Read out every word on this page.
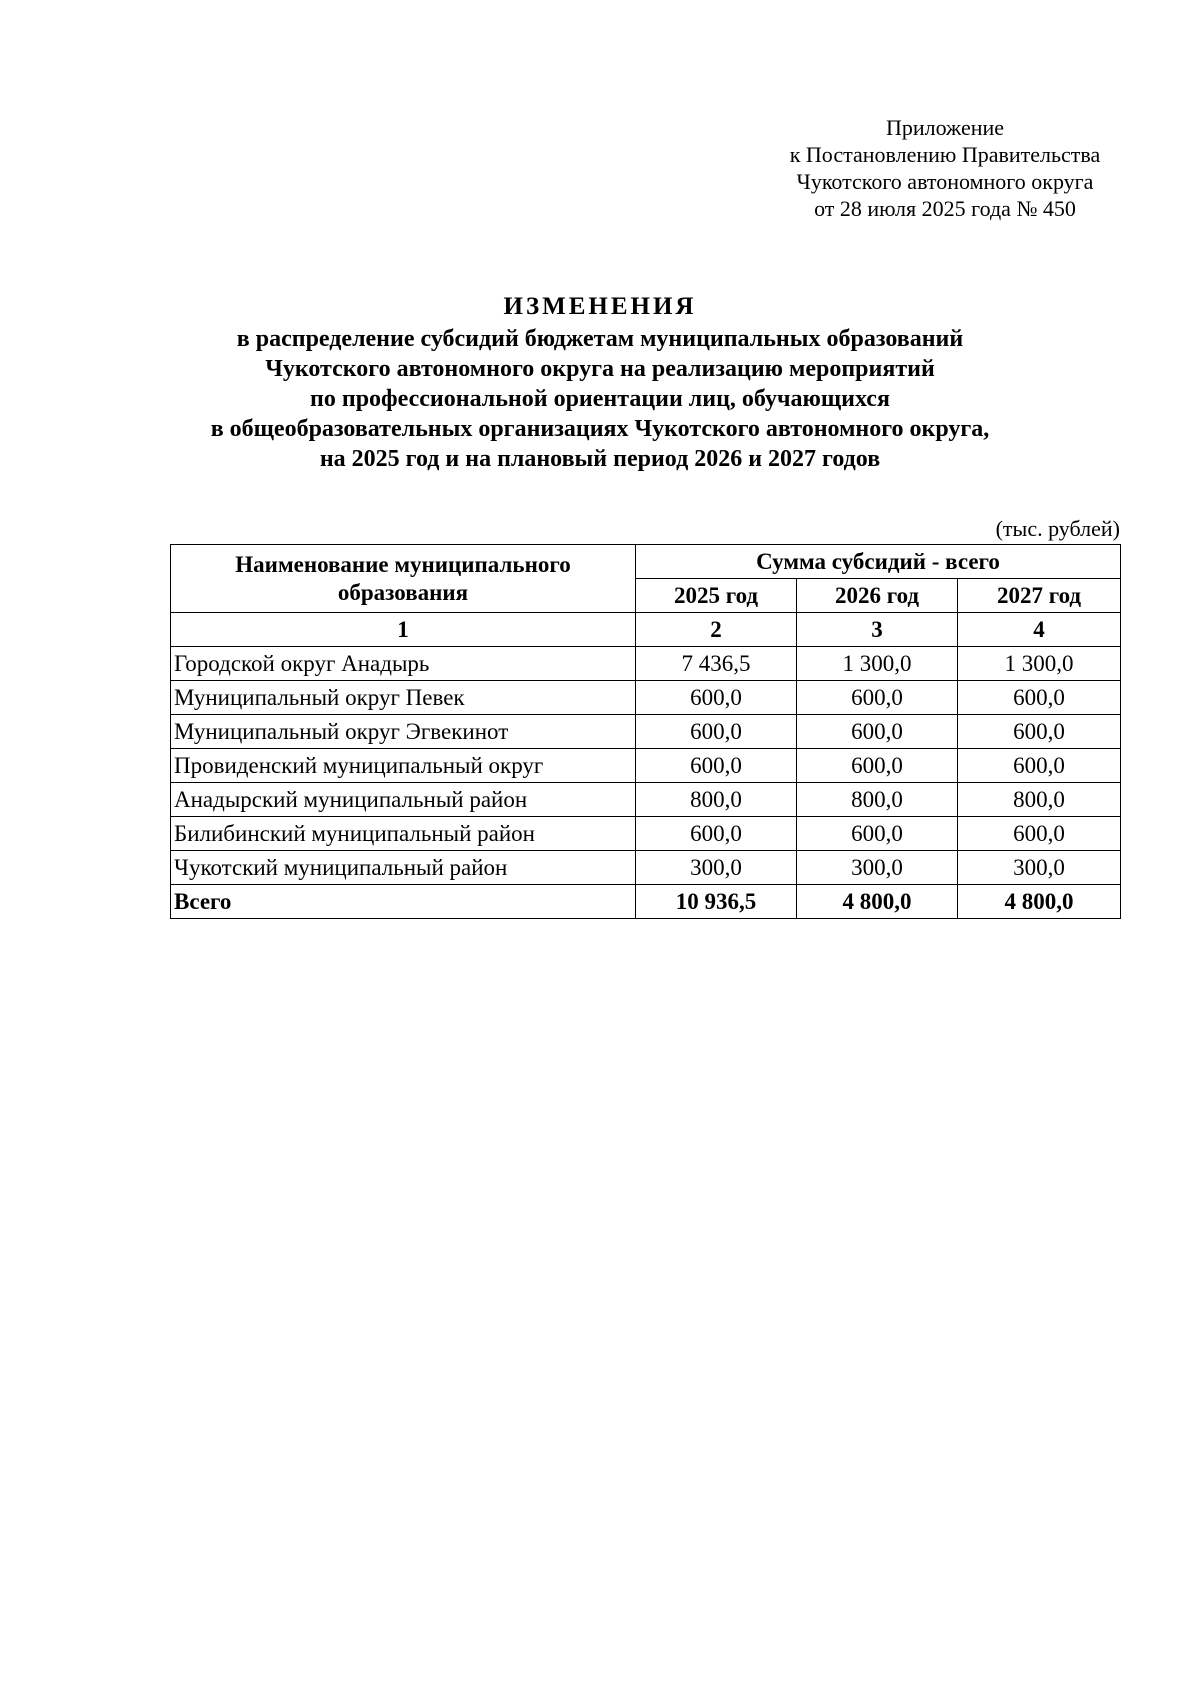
Приложение
к Постановлению Правительства
Чукотского автономного округа
от 28 июля 2025 года № 450
ИЗМЕНЕНИЯ
в распределение субсидий бюджетам муниципальных образований
Чукотского автономного округа на реализацию мероприятий
по профессиональной ориентации лиц, обучающихся
в общеобразовательных организациях Чукотского автономного округа,
на 2025 год и на плановый период 2026 и 2027 годов
(тыс. рублей)
Наименование муниципального образования	Сумма субсидий - всего		
	2025 год	2026 год	2027 год
1	2	3	4
Городской округ Анадырь	7 436,5	1 300,0	1 300,0
Муниципальный округ Певек	600,0	600,0	600,0
Муниципальный округ Эгвекинот	600,0	600,0	600,0
Провиденский муниципальный округ	600,0	600,0	600,0
Анадырский муниципальный район	800,0	800,0	800,0
Билибинский муниципальный район	600,0	600,0	600,0
Чукотский муниципальный район	300,0	300,0	300,0
Всего	10 936,5	4 800,0	4 800,0
